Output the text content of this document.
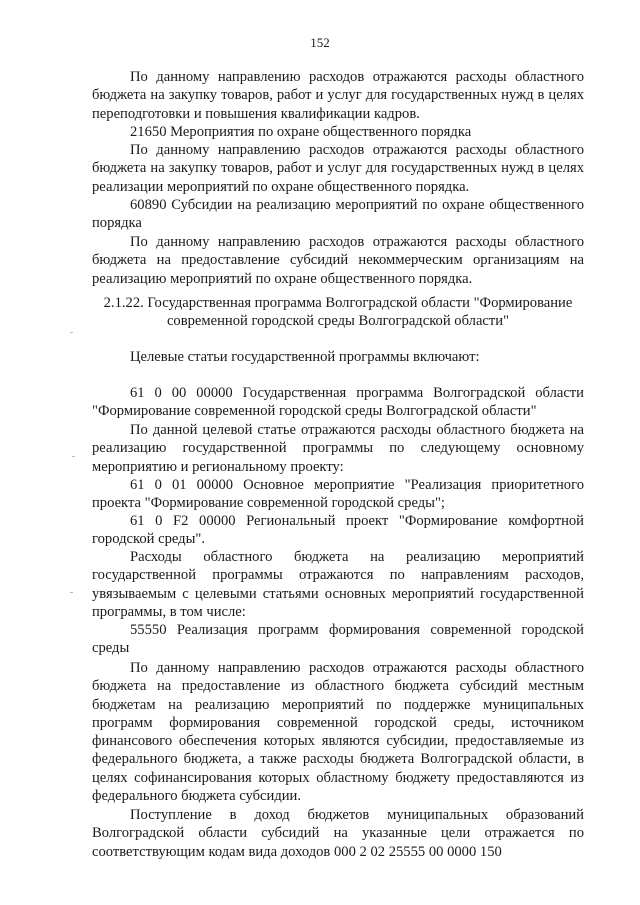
152

По данному направлению расходов отражаются расходы областного бюджета на закупку товаров, работ и услуг для государственных нужд в целях переподготовки и повышения квалификации кадров.

21650 Мероприятия по охране общественного порядка

По данному направлению расходов отражаются расходы областного бюджета на закупку товаров, работ и услуг для государственных нужд в целях реализации мероприятий по охране общественного порядка.

60890 Субсидии на реализацию мероприятий по охране общественного порядка

По данному направлению расходов отражаются расходы областного бюджета на предоставление субсидий некоммерческим организациям на реализацию мероприятий по охране общественного порядка.

2.1.22. Государственная программа Волгоградской области "Формирование современной городской среды Волгоградской области"

Целевые статьи государственной программы включают:

61 0 00 00000 Государственная программа Волгоградской области "Формирование современной городской среды Волгоградской области"

По данной целевой статье отражаются расходы областного бюджета на реализацию государственной программы по следующему основному мероприятию и региональному проекту:

61 0 01 00000 Основное мероприятие "Реализация приоритетного проекта "Формирование современной городской среды";

61 0 F2 00000 Региональный проект "Формирование комфортной городской среды".

Расходы областного бюджета на реализацию мероприятий государственной программы отражаются по направлениям расходов, увязываемым с целевыми статьями основных мероприятий государственной программы, в том числе:

55550 Реализация программ формирования современной городской среды

По данному направлению расходов отражаются расходы областного бюджета на предоставление из областного бюджета субсидий местным бюджетам на реализацию мероприятий по поддержке муниципальных программ формирования современной городской среды, источником финансового обеспечения которых являются субсидии, предоставляемые из федерального бюджета, а также расходы бюджета Волгоградской области, в целях софинансирования которых областному бюджету предоставляются из федерального бюджета субсидии.

Поступление в доход бюджетов муниципальных образований Волгоградской области субсидий на указанные цели отражается по соответствующим кодам вида доходов 000 2 02 25555 00 0000 150
